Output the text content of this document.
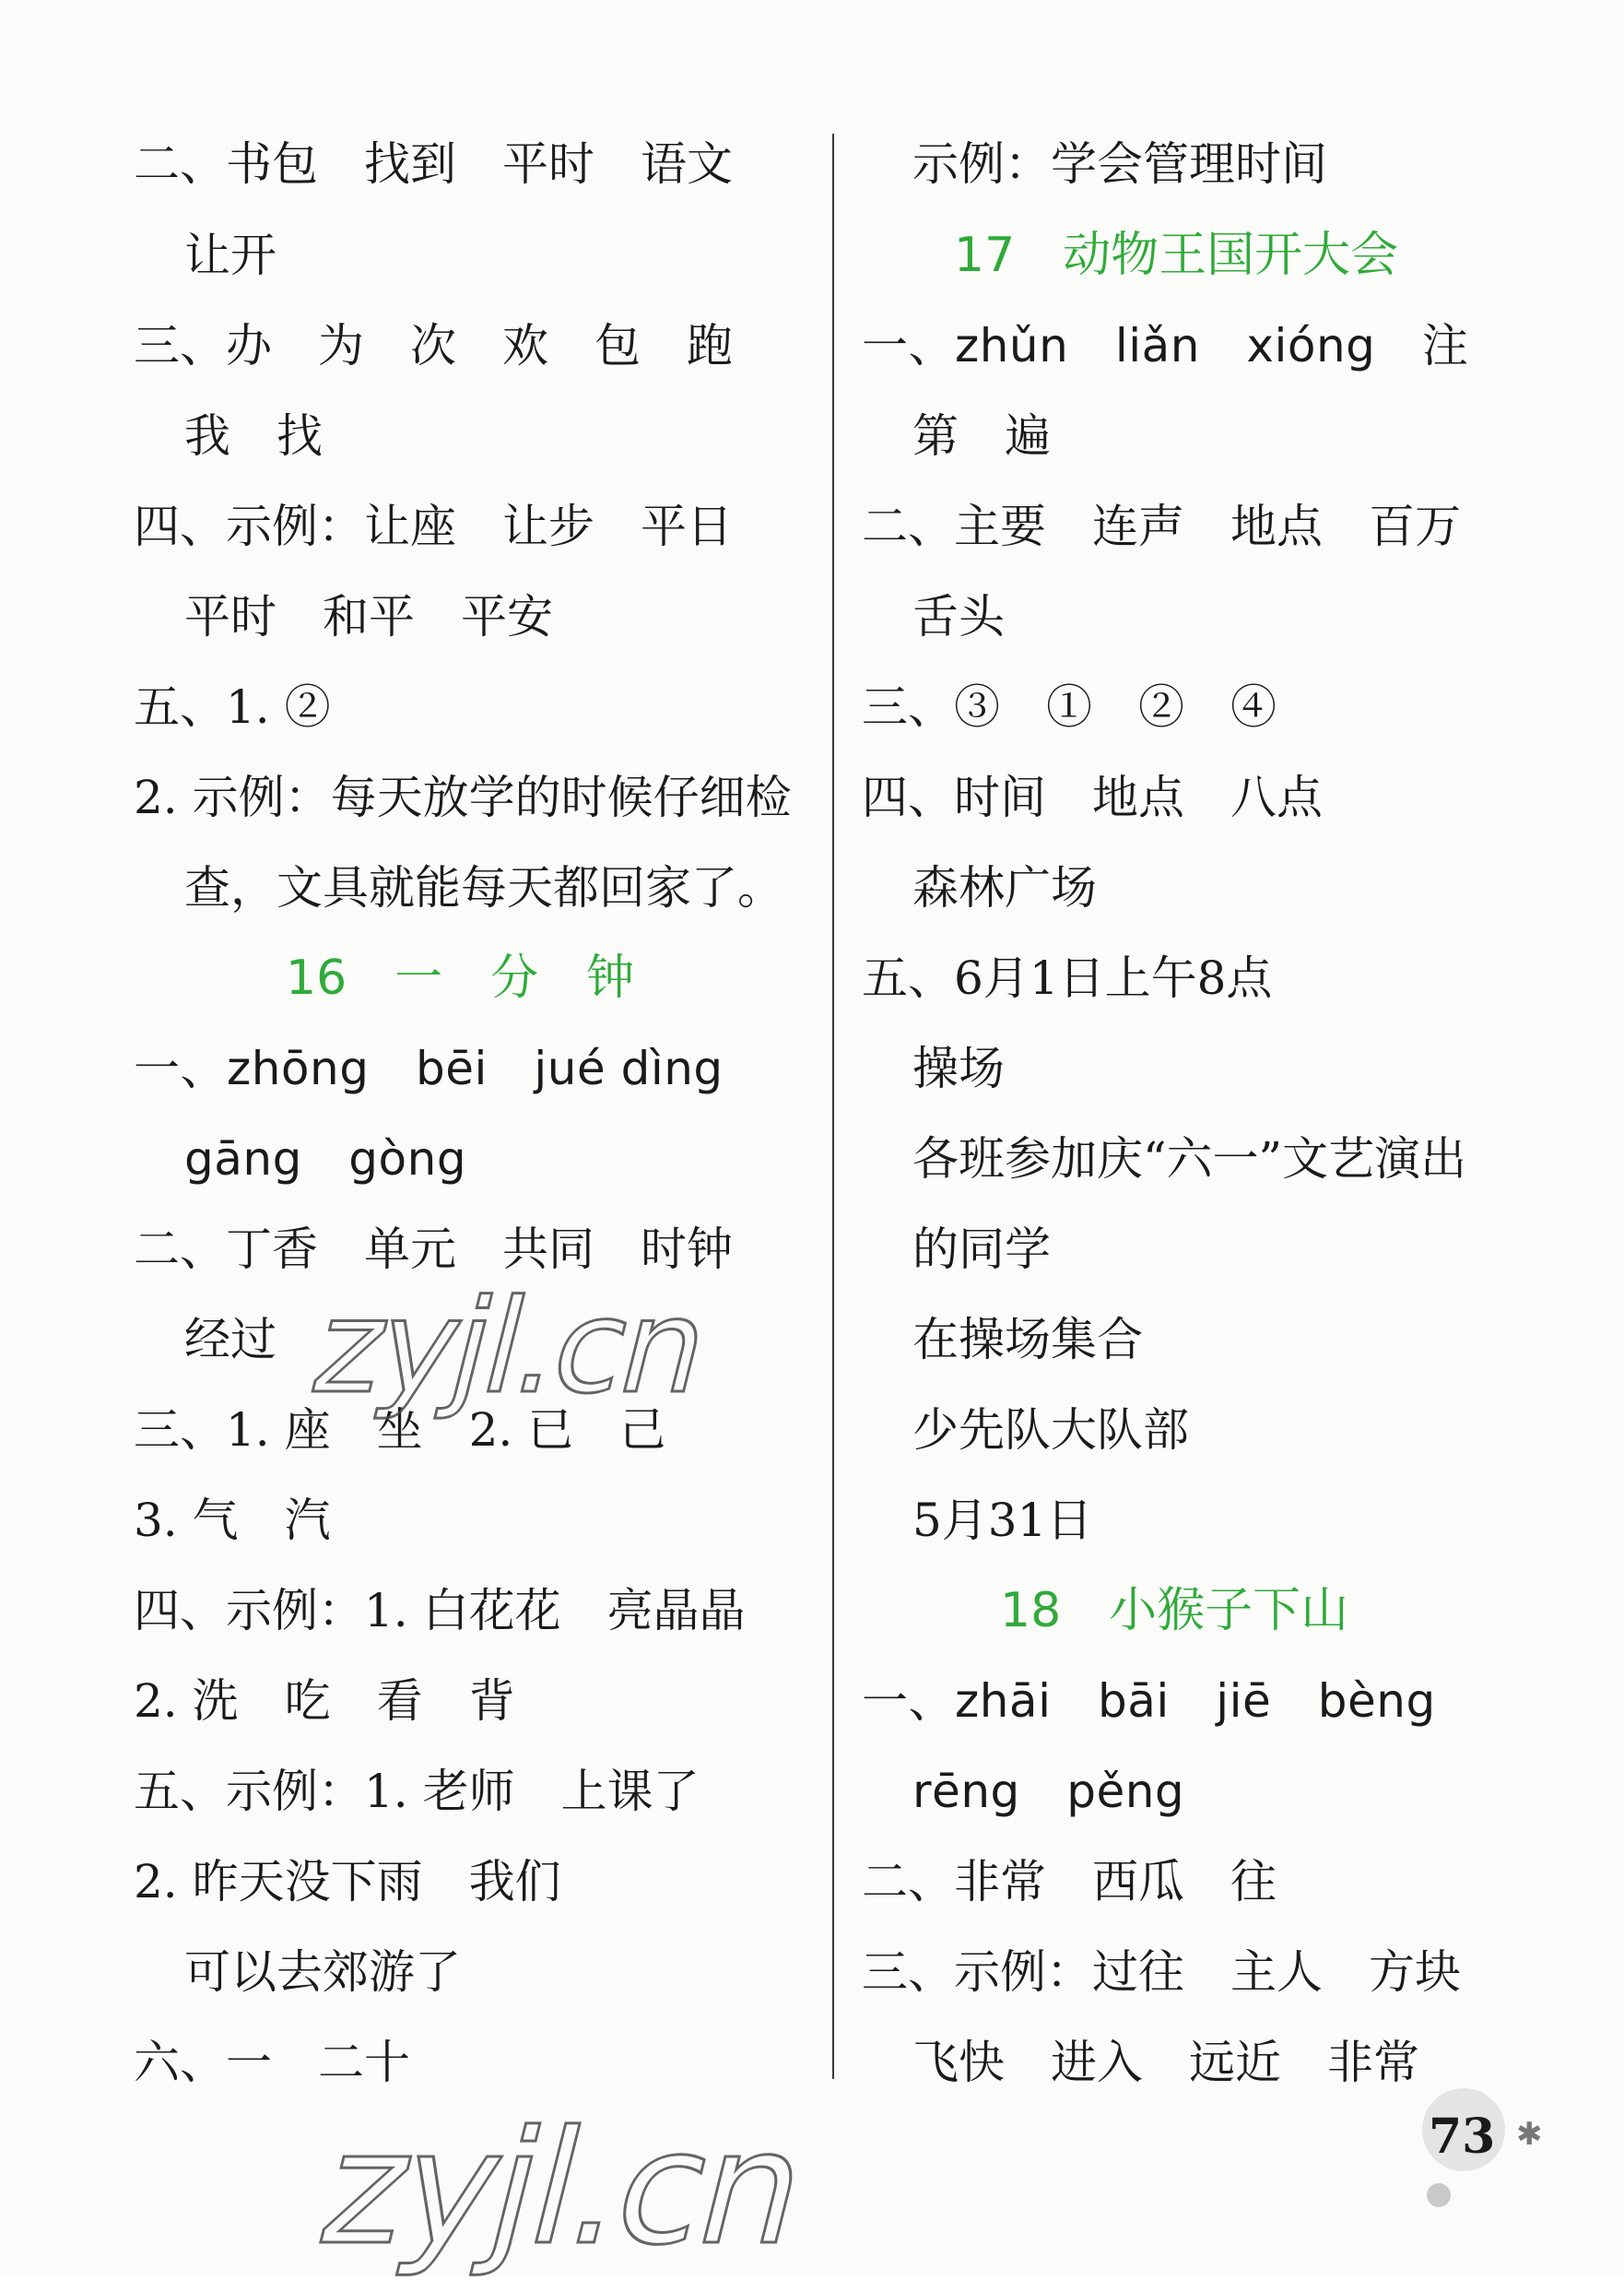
二、书包　找到　平时　语文
让开
三、办　为　次　欢　包　跑
我　找
四、示例：让座　让步　平日
平时　和平　平安
五、1. ②
2. 示例：每天放学的时候仔细检
查，文具就能每天都回家了。
16　一　分　钟
一、zhōng　bēi　jué dìng
gāng　gòng
二、丁香　单元　共同　时钟
经过
三、1. 座　坐　2. 已　己
3. 气　汽
四、示例：1. 白花花　亮晶晶
2. 洗　吃　看　背
五、示例：1. 老师　上课了
2. 昨天没下雨　我们
可以去郊游了
六、一　二十
示例：学会管理时间
17　动物王国开大会
一、zhǔn　liǎn　xióng　注
第　遍
二、主要　连声　地点　百万
舌头
三、③　①　②　④
四、时间　地点　八点
森林广场
五、6月1日上午8点
操场
各班参加庆“六一”文艺演出
的同学
在操场集合
少先队大队部
5月31日
18　小猴子下山
一、zhāi　bāi　jiē　bèng
rēng　pěng
二、非常　西瓜　往
三、示例：过往　主人　方块
飞快　进入　远近　非常
zyjl.cn
zyjl.cn	73 ✱
